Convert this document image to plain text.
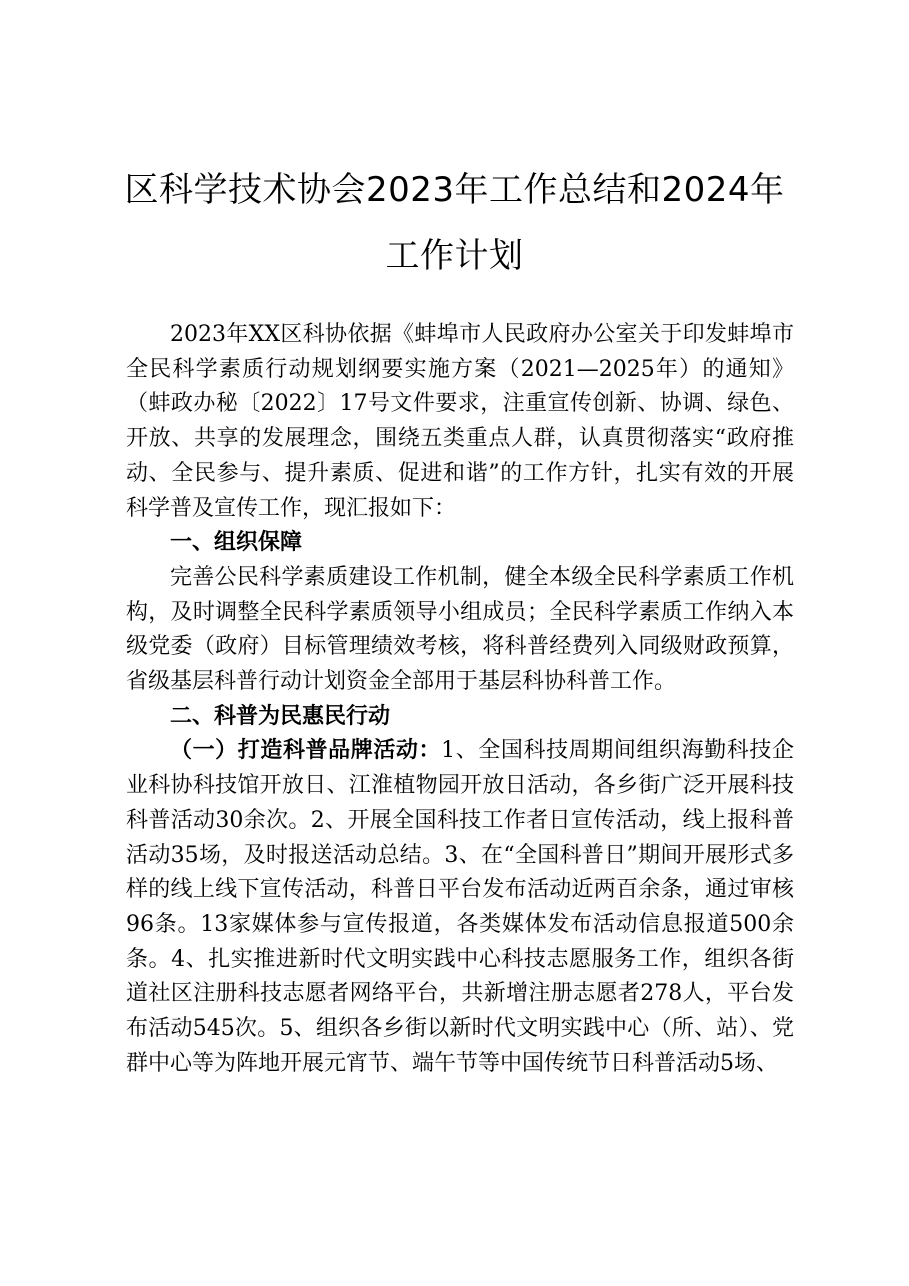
区科学技术协会2023年工作总结和2024年
工作计划

2023年XX区科协依据《蚌埠市人民政府办公室关于印发蚌埠市全民科学素质行动规划纲要实施方案（2021—2025年）的通知》（蚌政办秘〔2022〕17号文件要求，注重宣传创新、协调、绿色、开放、共享的发展理念，围绕五类重点人群，认真贯彻落实“政府推动、全民参与、提升素质、促进和谐”的工作方针，扎实有效的开展科学普及宣传工作，现汇报如下：

一、组织保障

完善公民科学素质建设工作机制，健全本级全民科学素质工作机构，及时调整全民科学素质领导小组成员；全民科学素质工作纳入本级党委（政府）目标管理绩效考核，将科普经费列入同级财政预算，省级基层科普行动计划资金全部用于基层科协科普工作。

二、科普为民惠民行动

（一）打造科普品牌活动：1、全国科技周期间组织海勤科技企业科协科技馆开放日、江淮植物园开放日活动，各乡街广泛开展科技科普活动30余次。2、开展全国科技工作者日宣传活动，线上报科普活动35场，及时报送活动总结。3、在“全国科普日”期间开展形式多样的线上线下宣传活动，科普日平台发布活动近两百余条，通过审核96条。13家媒体参与宣传报道，各类媒体发布活动信息报道500余条。4、扎实推进新时代文明实践中心科技志愿服务工作，组织各街道社区注册科技志愿者网络平台，共新增注册志愿者278人，平台发布活动545次。5、组织各乡街以新时代文明实践中心（所、站）、党群中心等为阵地开展元宵节、端午节等中国传统节日科普活动5场、
